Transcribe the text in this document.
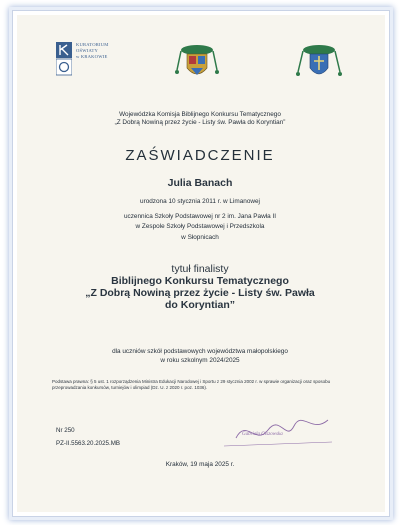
KURATORIUM
OŚWIATY
w KRAKOWIE
Wojewódzka Komisja Biblijnego Konkursu Tematycznego
„Z Dobrą Nowiną przez życie - Listy św. Pawła do Koryntian”
ZAŚWIADCZENIE
Julia Banach
urodzona 10 stycznia 2011 r. w Limanowej
uczennica Szkoły Podstawowej nr 2 im. Jana Pawła II
w Zespole Szkoły Podstawowej i Przedszkola
w Słopnicach
tytuł finalisty
Biblijnego Konkursu Tematycznego
„Z Dobrą Nowiną przez życie - Listy św. Pawła
do Koryntian”
dla uczniów szkół podstawowych województwa małopolskiego
w roku szkolnym 2024/2025
Podstawa prawna: § 5 ust. 1 rozporządzenia Ministra Edukacji Narodowej i Sportu z 29 stycznia 2002 r. w sprawie organizacji oraz sposobu przeprowadzania konkursów, turniejów i olimpiad (Dz. U. z 2020 r. poz. 1036).
Nr 250
PZ-II.5563.20.2025.MB
Gabriela Olszowska
Kraków, 19 maja 2025 r.
